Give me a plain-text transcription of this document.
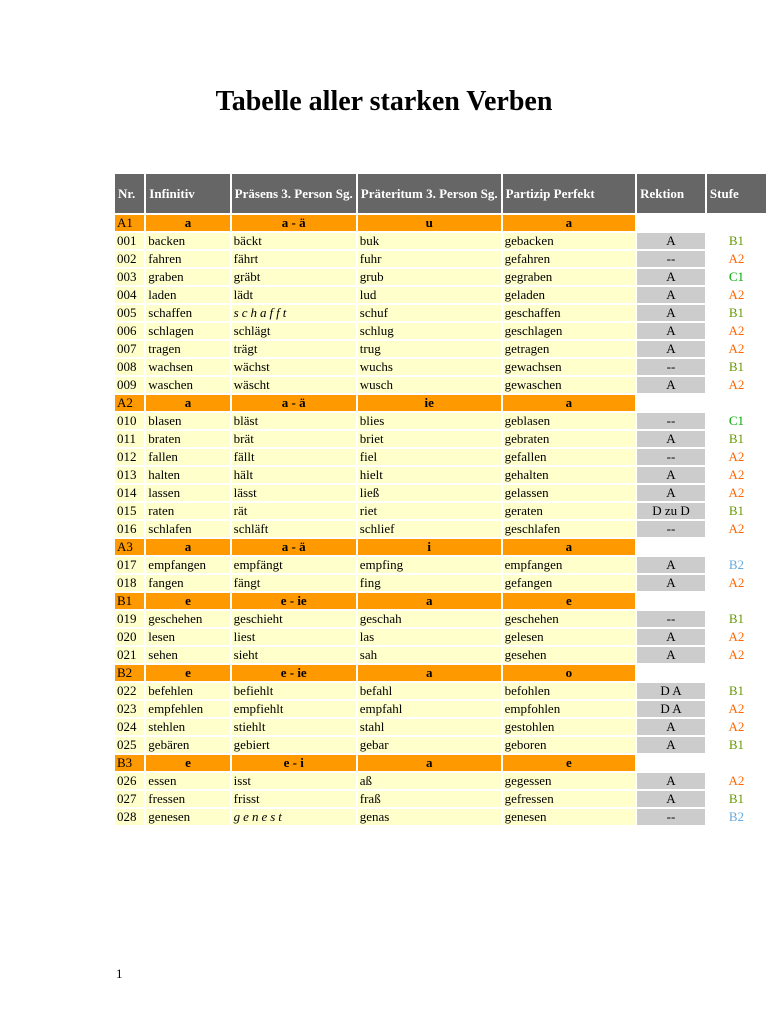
Tabelle aller starken Verben
Nr.	Infinitiv	Präsens 3. Person Sg.	Präteritum 3. Person Sg.	Partizip Perfekt	Rektion	Stufe
A1	a	a - ä	u	a		
001	backen	bäckt	buk	gebacken	A	B1
002	fahren	fährt	fuhr	gefahren	--	A2
003	graben	gräbt	grub	gegraben	A	C1
004	laden	lädt	lud	geladen	A	A2
005	schaffen	schafft	schuf	geschaffen	A	B1
006	schlagen	schlägt	schlug	geschlagen	A	A2
007	tragen	trägt	trug	getragen	A	A2
008	wachsen	wächst	wuchs	gewachsen	--	B1
009	waschen	wäscht	wusch	gewaschen	A	A2
A2	a	a - ä	ie	a		
010	blasen	bläst	blies	geblasen	--	C1
011	braten	brät	briet	gebraten	A	B1
012	fallen	fällt	fiel	gefallen	--	A2
013	halten	hält	hielt	gehalten	A	A2
014	lassen	lässt	ließ	gelassen	A	A2
015	raten	rät	riet	geraten	D zu D	B1
016	schlafen	schläft	schlief	geschlafen	--	A2
A3	a	a - ä	i	a		
017	empfangen	empfängt	empfing	empfangen	A	B2
018	fangen	fängt	fing	gefangen	A	A2
B1	e	e - ie	a	e		
019	geschehen	geschieht	geschah	geschehen	--	B1
020	lesen	liest	las	gelesen	A	A2
021	sehen	sieht	sah	gesehen	A	A2
B2	e	e - ie	a	o		
022	befehlen	befiehlt	befahl	befohlen	D A	B1
023	empfehlen	empfiehlt	empfahl	empfohlen	D A	A2
024	stehlen	stiehlt	stahl	gestohlen	A	A2
025	gebären	gebiert	gebar	geboren	A	B1
B3	e	e - i	a	e		
026	essen	isst	aß	gegessen	A	A2
027	fressen	frisst	fraß	gefressen	A	B1
028	genesen	genest	genas	genesen	--	B2
1
